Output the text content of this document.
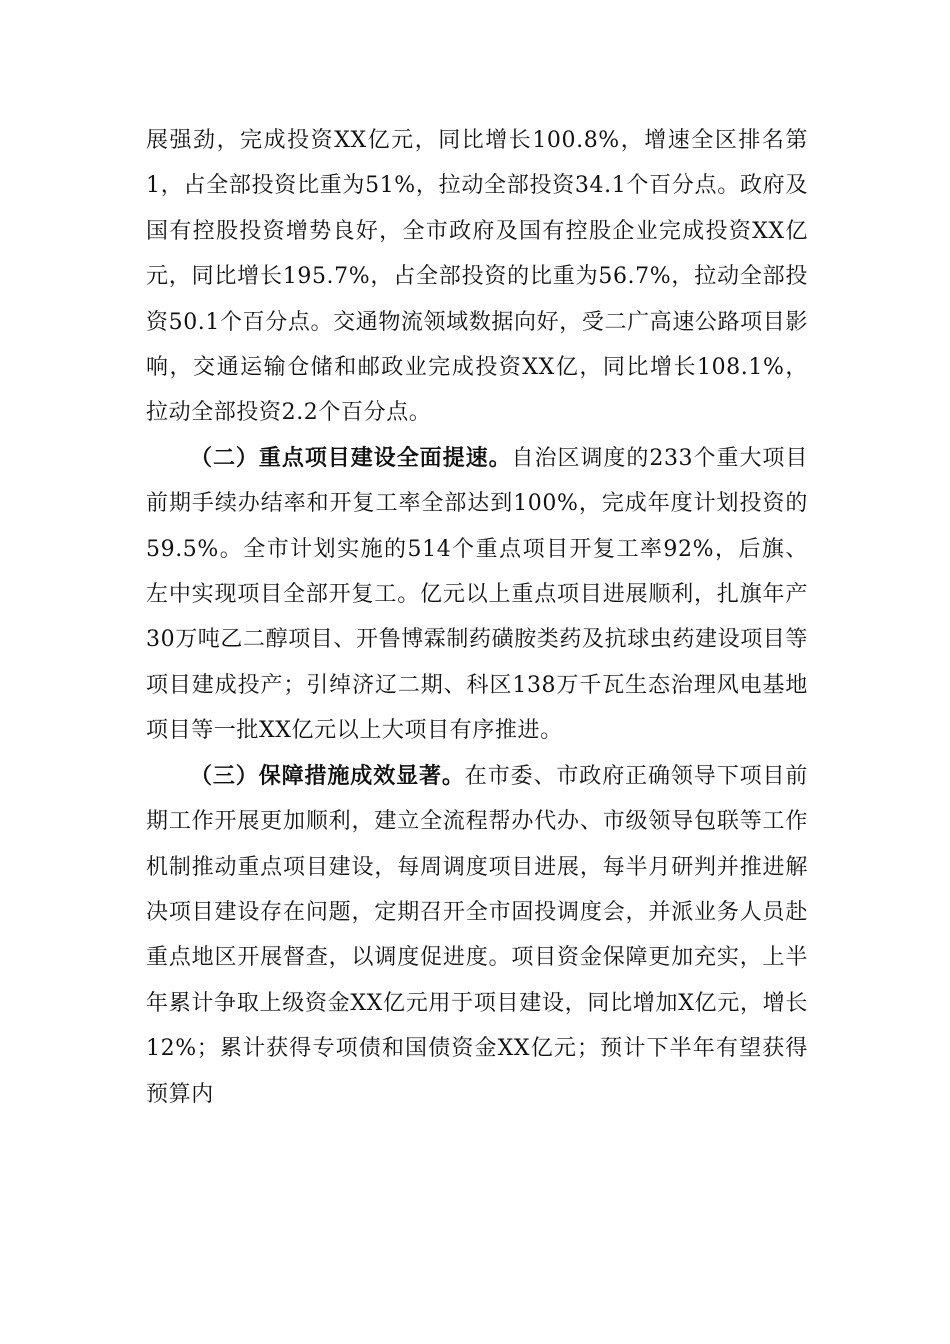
展强劲，完成投资XX亿元，同比增长100.8%，增速全区排名第1，占全部投资比重为51%，拉动全部投资34.1个百分点。政府及国有控股投资增势良好，全市政府及国有控股企业完成投资XX亿元，同比增长195.7%，占全部投资的比重为56.7%，拉动全部投资50.1个百分点。交通物流领域数据向好，受二广高速公路项目影响，交通运输仓储和邮政业完成投资XX亿，同比增长108.1%，拉动全部投资2.2个百分点。

（二）重点项目建设全面提速。自治区调度的233个重大项目前期手续办结率和开复工率全部达到100%，完成年度计划投资的59.5%。全市计划实施的514个重点项目开复工率92%，后旗、左中实现项目全部开复工。亿元以上重点项目进展顺利，扎旗年产30万吨乙二醇项目、开鲁博霖制药磺胺类药及抗球虫药建设项目等项目建成投产；引绰济辽二期、科区138万千瓦生态治理风电基地项目等一批XX亿元以上大项目有序推进。

（三）保障措施成效显著。在市委、市政府正确领导下项目前期工作开展更加顺利，建立全流程帮办代办、市级领导包联等工作机制推动重点项目建设，每周调度项目进展，每半月研判并推进解决项目建设存在问题，定期召开全市固投调度会，并派业务人员赴重点地区开展督查，以调度促进度。项目资金保障更加充实，上半年累计争取上级资金XX亿元用于项目建设，同比增加X亿元，增长12%；累计获得专项债和国债资金XX亿元；预计下半年有望获得预算内
